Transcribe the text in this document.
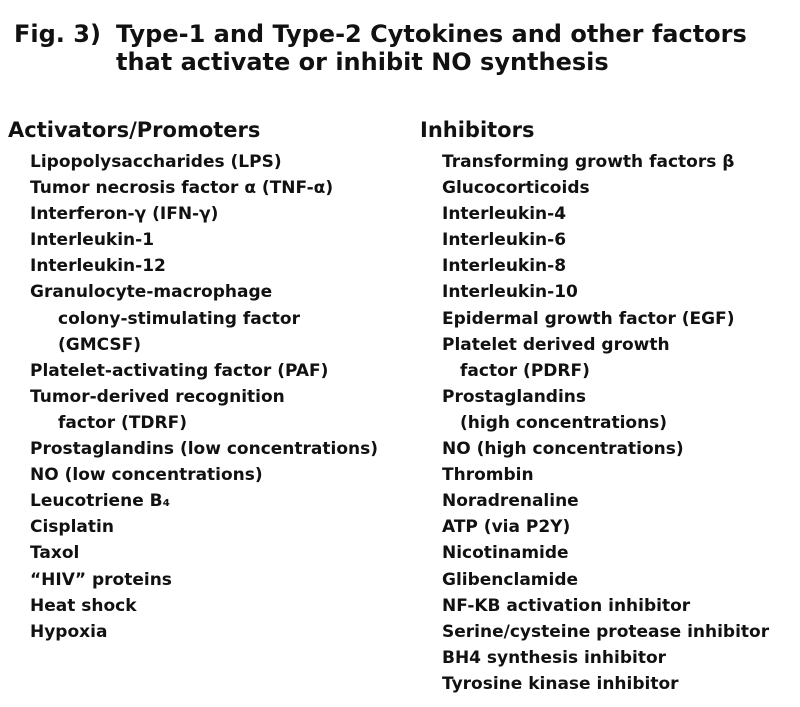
Fig. 3) Type-1 and Type-2 Cytokines and other factors
that activate or inhibit NO synthesis
Activators/Promoters
Lipopolysaccharides (LPS)
Tumor necrosis factor α (TNF-α)
Interferon-γ (IFN-γ)
Interleukin-1
Interleukin-12
Granulocyte-macrophage
colony-stimulating factor
(GMCSF)
Platelet-activating factor (PAF)
Tumor-derived recognition
factor (TDRF)
Prostaglandins (low concentrations)
NO (low concentrations)
Leucotriene B₄
Cisplatin
Taxol
“HIV” proteins
Heat shock
Hypoxia
Inhibitors
Transforming growth factors β
Glucocorticoids
Interleukin-4
Interleukin-6
Interleukin-8
Interleukin-10
Epidermal growth factor (EGF)
Platelet derived growth
factor (PDRF)
Prostaglandins
(high concentrations)
NO (high concentrations)
Thrombin
Noradrenaline
ATP (via P2Y)
Nicotinamide
Glibenclamide
NF-KB activation inhibitor
Serine/cysteine protease inhibitor
BH4 synthesis inhibitor
Tyrosine kinase inhibitor
